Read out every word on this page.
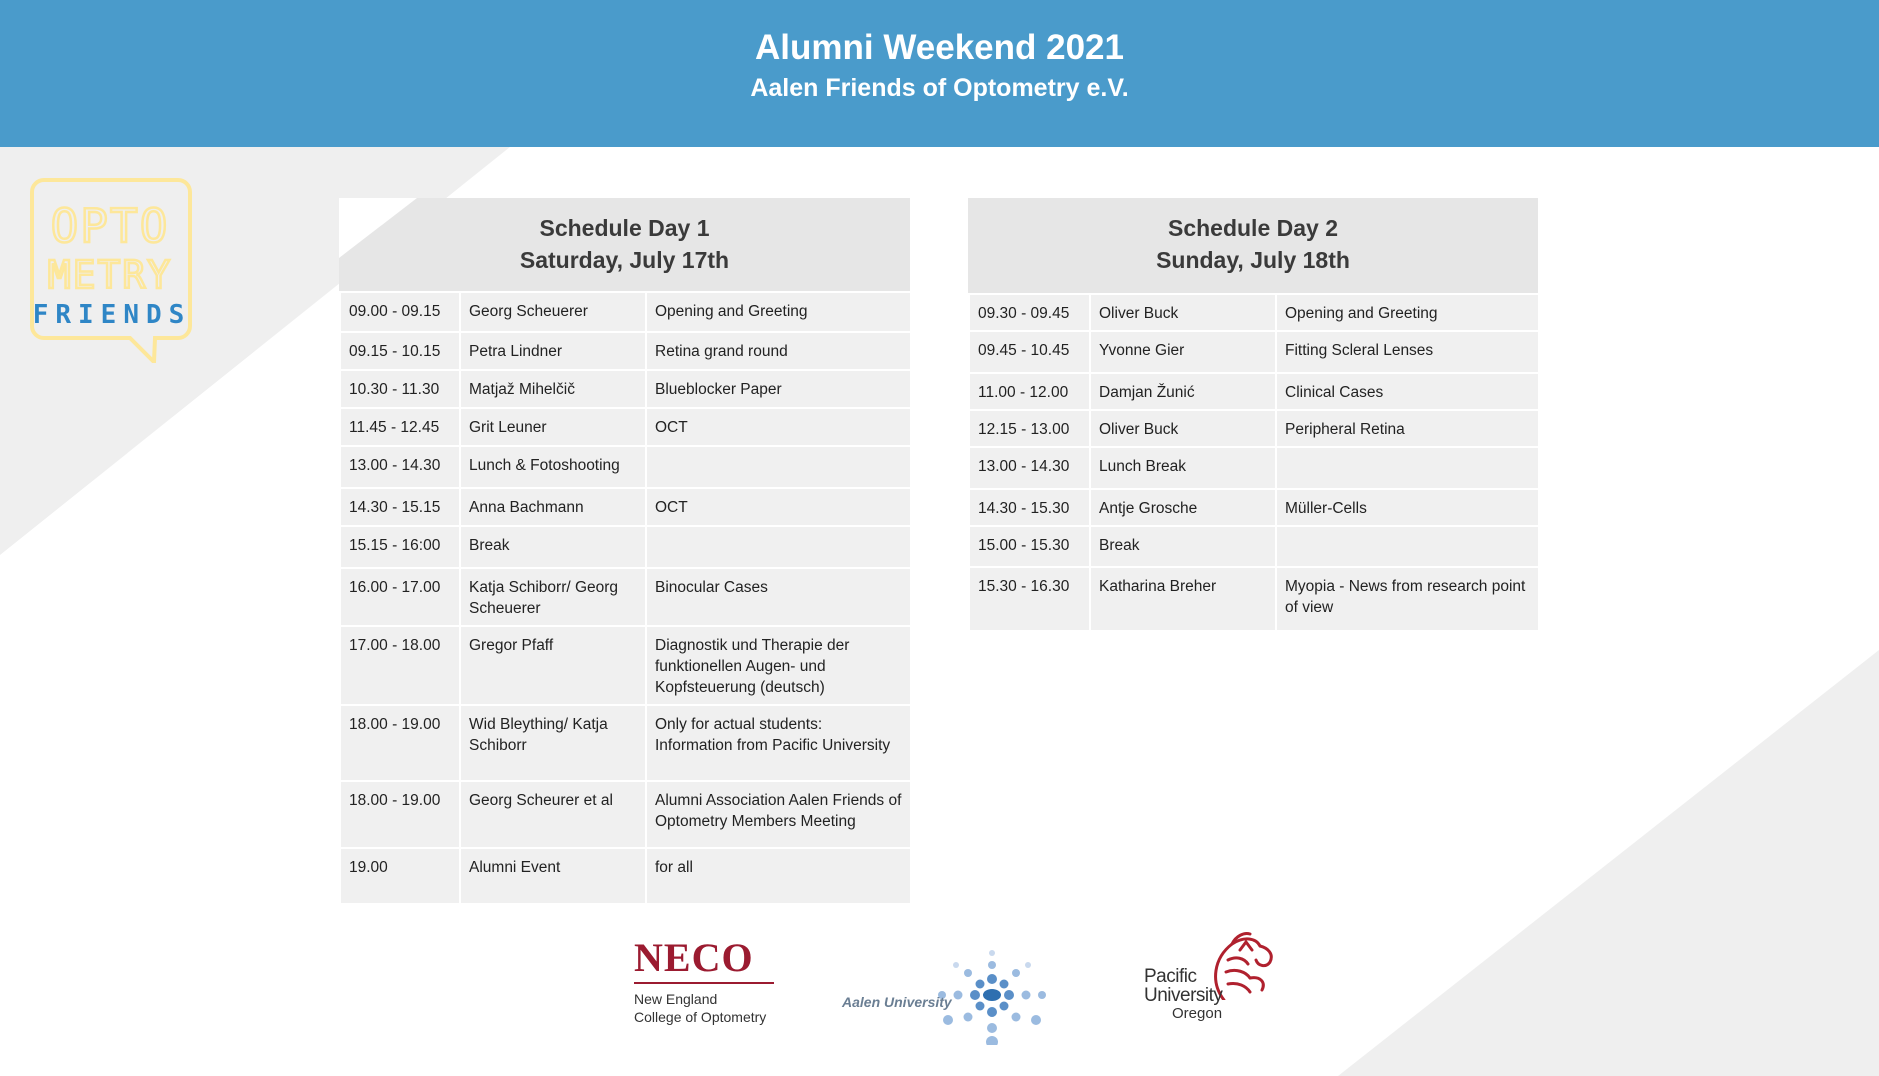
Alumni Weekend 2021
Aalen Friends of Optometry e.V.
OPTO
METRY
FRIENDS
Schedule Day 1
Saturday, July 17th
09.00 - 09.15	Georg Scheuerer	Opening and Greeting
09.15 - 10.15	Petra Lindner	Retina grand round
10.30 - 11.30	Matjaž Mihelčič	Blueblocker Paper
11.45 - 12.45	Grit Leuner	OCT
13.00 - 14.30	Lunch & Fotoshooting	
14.30 - 15.15	Anna Bachmann	OCT
15.15 - 16:00	Break	
16.00 - 17.00	Katja Schiborr/ Georg Scheuerer	Binocular Cases
17.00 - 18.00	Gregor Pfaff	Diagnostik und Therapie der funktionellen Augen- und Kopfsteuerung (deutsch)
18.00 - 19.00	Wid Bleything/ Katja Schiborr	Only for actual students: Information from Pacific University
18.00 - 19.00	Georg Scheurer et al	Alumni Association Aalen Friends of Optometry Members Meeting
19.00	Alumni Event	for all
Schedule Day 2
Sunday, July 18th
09.30 - 09.45	Oliver Buck	Opening and Greeting
09.45 - 10.45	Yvonne Gier	Fitting Scleral Lenses
11.00 - 12.00	Damjan Žunić	Clinical Cases
12.15 - 13.00	Oliver Buck	Peripheral Retina
13.00 - 14.30	Lunch Break	
14.30 - 15.30	Antje Grosche	Müller-Cells
15.00 - 15.30	Break	
15.30 - 16.30	Katharina Breher	Myopia - News from research point of view
NECO
New England
College of Optometry
Aalen University
Pacific
University
Oregon
